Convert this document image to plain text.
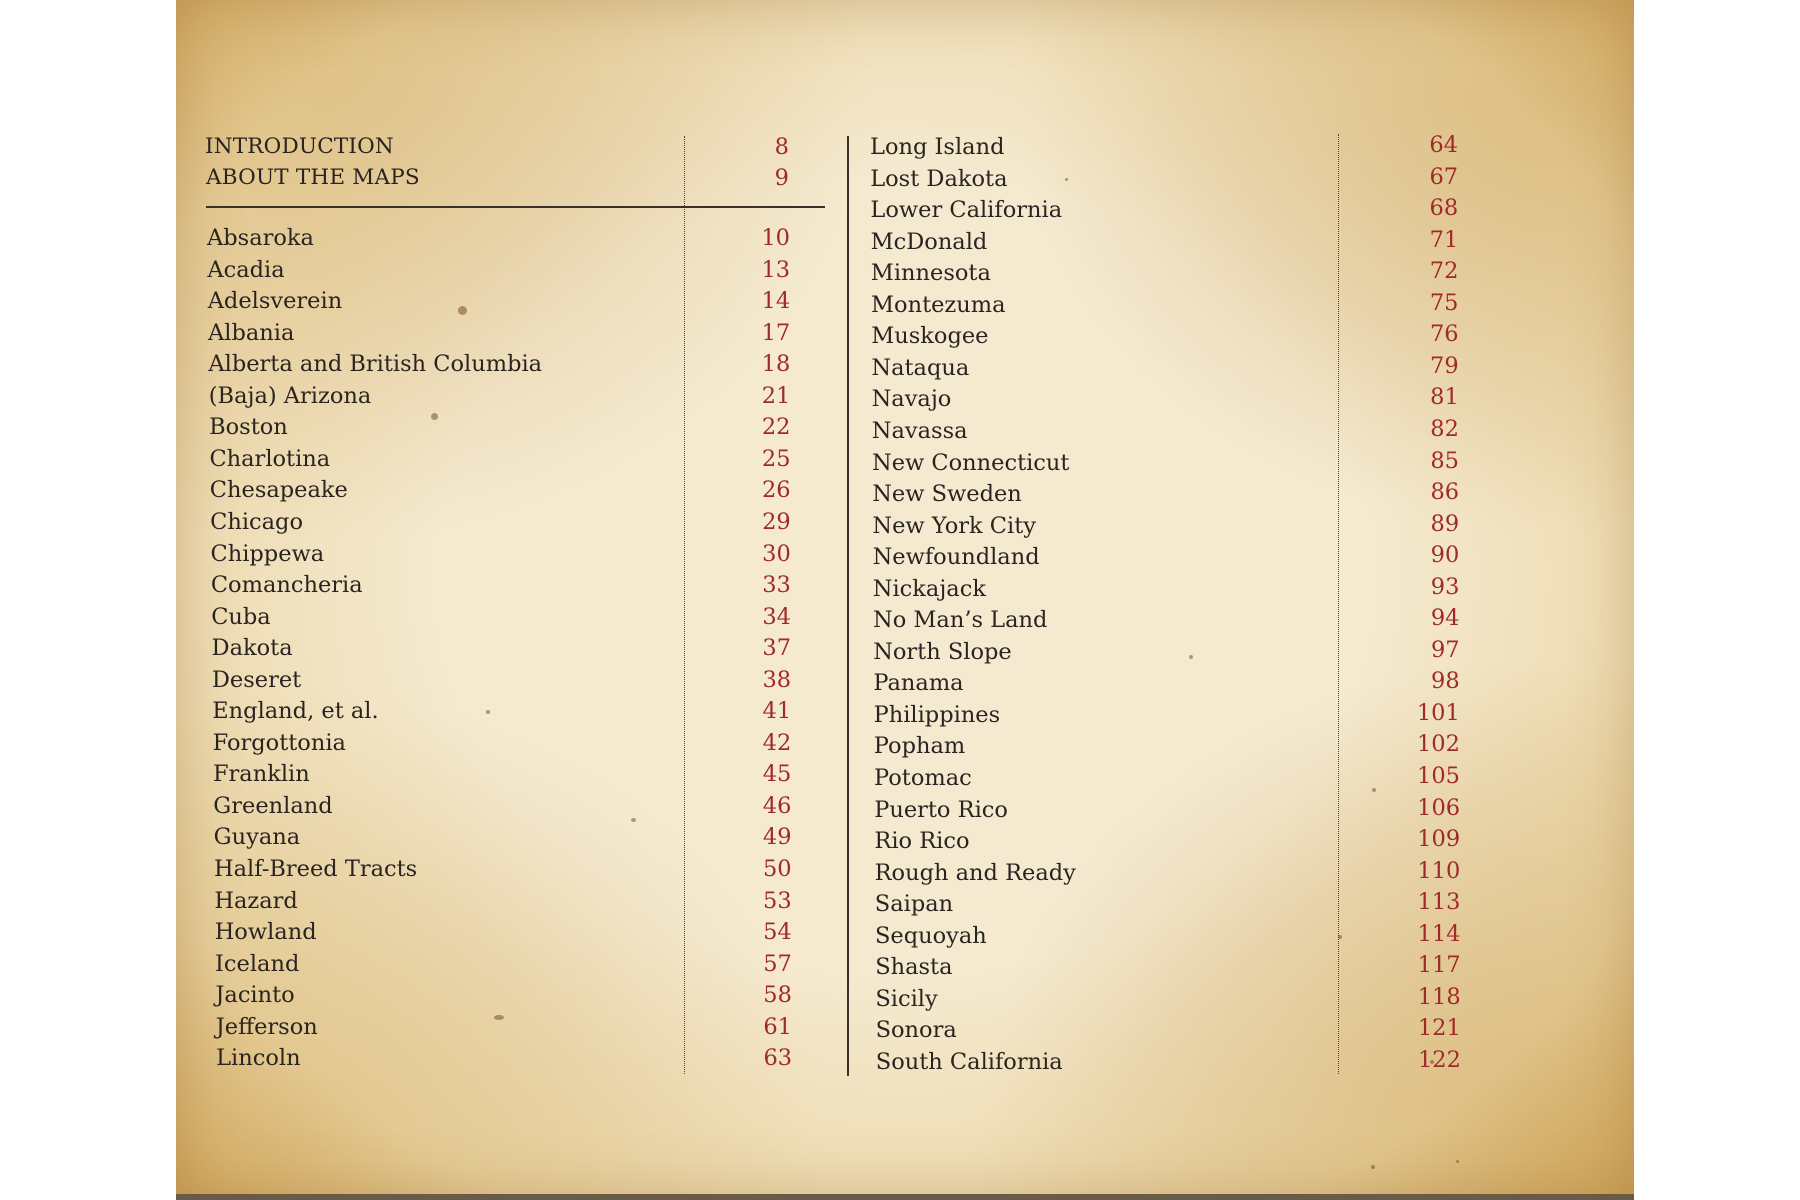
INTRODUCTION	8
ABOUT THE MAPS	9
Absaroka	10
Acadia	13
Adelsverein	14
Albania	17
Alberta and British Columbia	18
(Baja) Arizona	21
Boston	22
Charlotina	25
Chesapeake	26
Chicago	29
Chippewa	30
Comancheria	33
Cuba	34
Dakota	37
Deseret	38
England, et al.	41
Forgottonia	42
Franklin	45
Greenland	46
Guyana	49
Half-Breed Tracts	50
Hazard	53
Howland	54
Iceland	57
Jacinto	58
Jefferson	61
Lincoln	63
Long Island	64
Lost Dakota	67
Lower California	68
McDonald	71
Minnesota	72
Montezuma	75
Muskogee	76
Nataqua	79
Navajo	81
Navassa	82
New Connecticut	85
New Sweden	86
New York City	89
Newfoundland	90
Nickajack	93
No Man’s Land	94
North Slope	97
Panama	98
Philippines	101
Popham	102
Potomac	105
Puerto Rico	106
Rio Rico	109
Rough and Ready	110
Saipan	113
Sequoyah	114
Shasta	117
Sicily	118
Sonora	121
South California	122
